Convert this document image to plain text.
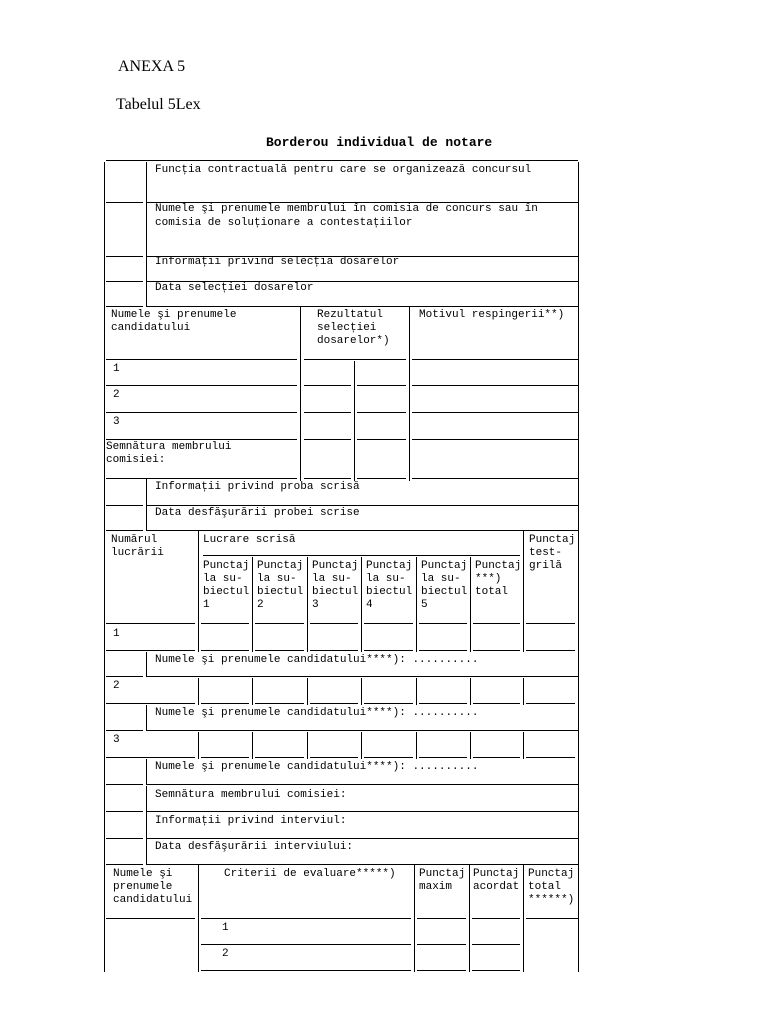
ANEXA 5
Tabelul 5Lex
Borderou individual de notare
Funcția contractuală pentru care se organizează concursul
Numele şi prenumele membrului în comisia de concurs sau în
comisia de soluționare a contestațiilor
Informații privind selecția dosarelor
Data selecției dosarelor
Numele şi prenumele
candidatului
Rezultatul
selecției
dosarelor*)
Motivul respingerii**)
1
2
3
Semnătura membrului
comisiei:
Informații privind proba scrisă
Data desfăşurării probei scrise
Numărul
lucrării
Lucrare scrisă
Punctaj
la su-
biectul
1
Punctaj
la su-
biectul
2
Punctaj
la su-
biectul
3
Punctaj
la su-
biectul
4
Punctaj
la su-
biectul
5
Punctaj
***)
total
Punctaj
test-
grilă
1
Numele şi prenumele candidatului****): ..........
2
Numele şi prenumele candidatului****): ..........
3
Numele şi prenumele candidatului****): ..........
Semnătura membrului comisiei:
Informații privind interviul:
Data desfăşurării interviului:
Numele şi
prenumele
candidatului
Criterii de evaluare*****) Punctaj
maxim
Punctaj
acordat
Punctaj
total
******)
1
2
